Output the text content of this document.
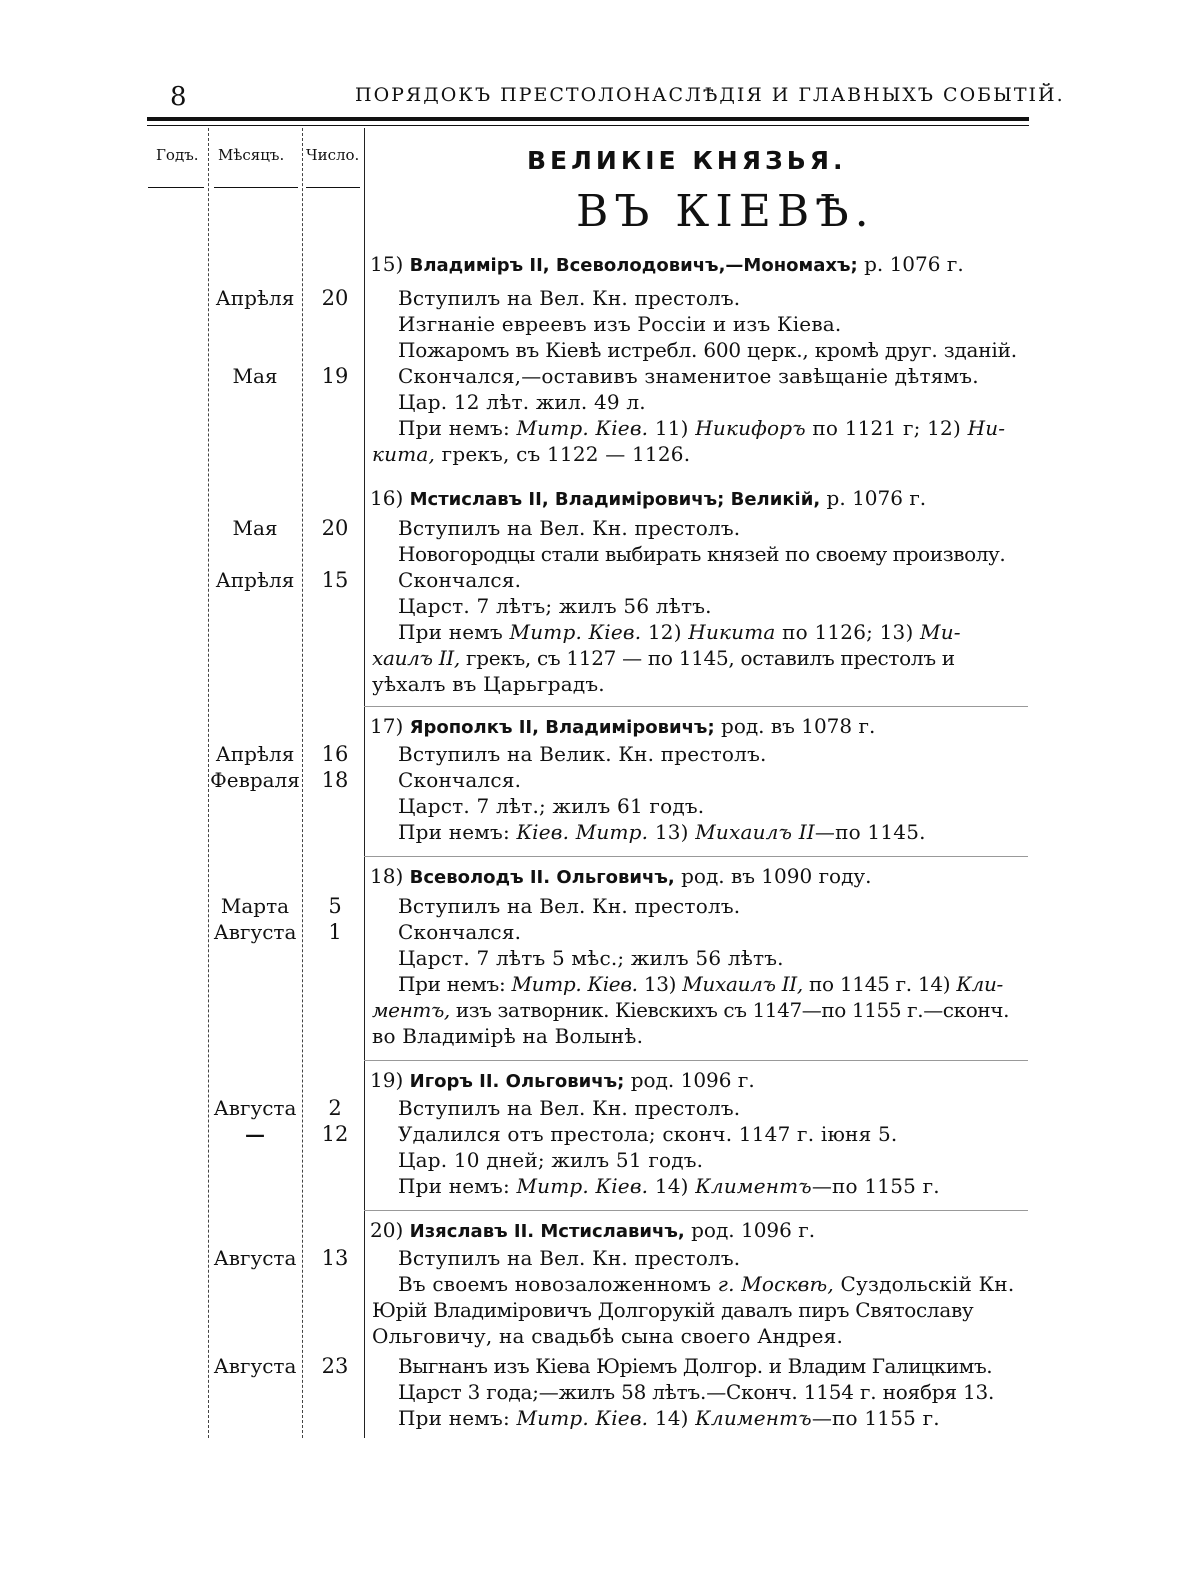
8	ПОРЯДОКЪ ПРЕСТОЛОНАСЛѢДІЯ И ГЛАВНЫХЪ СОБЫТІЙ.
Годъ. Мѣсяцъ. Число.	ВЕЛИКІЕ КНЯЗЬЯ.
ВЪ КІЕВѢ.
15) Владиміръ II, Всеволодовичъ,—Мономахъ; р. 1076 г.
Апрѣля	20	Вступилъ на Вел. Кн. престолъ.
Изгнаніе евреевъ изъ Россіи и изъ Кіева.
Пожаромъ въ Кіевѣ истребл. 600 церк., кромѣ друг. зданій.
Мая	19	Скончался,—оставивъ знаменитое завѣщаніе дѣтямъ.
Цар. 12 лѣт. жил. 49 л.
При немъ: Митр. Кіев. 11) Никифоръ по 1121 г; 12) Ни-
кита, грекъ, съ 1122 — 1126.
16) Мстиславъ II, Владиміровичъ; Великій, р. 1076 г.
Мая	20	Вступилъ на Вел. Кн. престолъ.
Новогородцы стали выбирать князей по своему произволу.
Апрѣля	15	Скончался.
Царст. 7 лѣтъ; жилъ 56 лѣтъ.
При немъ Митр. Кіев. 12) Никита по 1126; 13) Ми-
хаилъ II, грекъ, съ 1127 — по 1145, оставилъ престолъ и
уѣхалъ въ Царьградъ.
17) Ярополкъ II, Владиміровичъ; род. въ 1078 г.
Апрѣля	16	Вступилъ на Велик. Кн. престолъ.
Февраля	18	Скончался.
Царст. 7 лѣт.; жилъ 61 годъ.
При немъ: Кіев. Митр. 13) Михаилъ II—по 1145.
18) Всеволодъ II. Ольговичъ, род. въ 1090 году.
Марта	5	Вступилъ на Вел. Кн. престолъ.
Августа	1	Скончался.
Царст. 7 лѣтъ 5 мѣс.; жилъ 56 лѣтъ.
При немъ: Митр. Кіев. 13) Михаилъ II, по 1145 г. 14) Кли-
ментъ, изъ затворник. Кіевскихъ съ 1147—по 1155 г.—сконч.
во Владимірѣ на Волынѣ.
19) Игоръ II. Ольговичъ; род. 1096 г.
Августа	2	Вступилъ на Вел. Кн. престолъ.
—	12	Удалился отъ престола; сконч. 1147 г. іюня 5.
Цар. 10 дней; жилъ 51 годъ.
При немъ: Митр. Кіев. 14) Климентъ—по 1155 г.
20) Изяславъ II. Мстиславичъ, род. 1096 г.
Августа	13	Вступилъ на Вел. Кн. престолъ.
Въ своемъ новозаложенномъ г. Москвѣ, Суздольскій Кн.
Юрій Владиміровичъ Долгорукій давалъ пиръ Святославу
Ольговичу, на свадьбѣ сына своего Андрея.
Августа	23	Выгнанъ изъ Кіева Юріемъ Долгор. и Владим Галицкимъ.
Царст 3 года;—жилъ 58 лѣтъ.—Сконч. 1154 г. ноября 13.
При немъ: Митр. Кіев. 14) Климентъ—по 1155 г.
